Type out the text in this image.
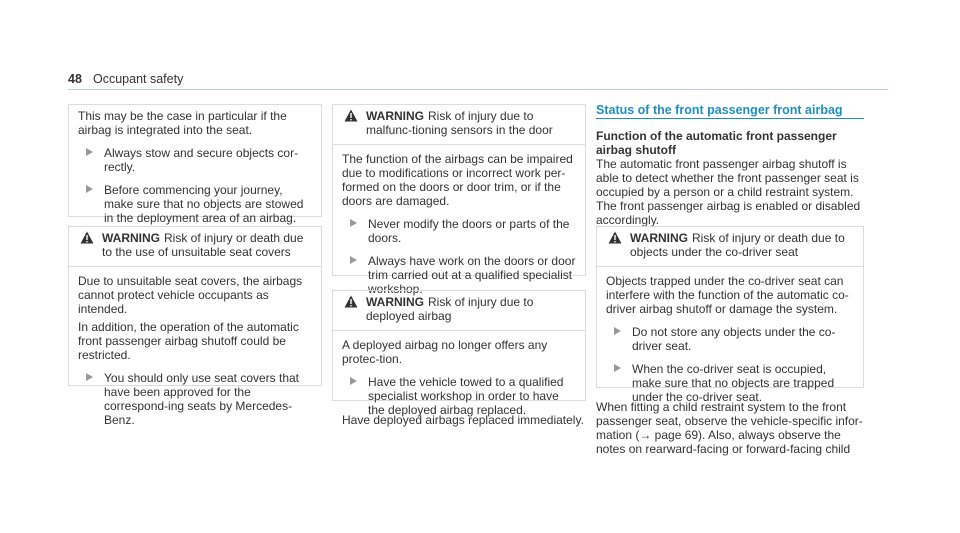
48 Occupant safety

This may be the case in particular if the airbag is integrated into the seat.

Always stow and secure objects cor-rectly.
Before commencing your journey, make sure that no objects are stowed in the deployment area of an airbag.
WARNING Risk of injury or death due to the use of unsuitable seat covers

Due to unsuitable seat covers, the airbags cannot protect vehicle occupants as intended.

In addition, the operation of the automatic front passenger airbag shutoff could be restricted.

You should only use seat covers that have been approved for the correspond-ing seats by Mercedes-Benz.
WARNING Risk of injury due to malfunc-tioning sensors in the door

The function of the airbags can be impaired due to modifications or incorrect work per-formed on the doors or door trim, or if the doors are damaged.

Never modify the doors or parts of the doors.
Always have work on the doors or door trim carried out at a qualified specialist workshop.
WARNING Risk of injury due to deployed airbag

A deployed airbag no longer offers any protec-tion.

Have the vehicle towed to a qualified specialist workshop in order to have the deployed airbag replaced.
Have deployed airbags replaced immediately.
Status of the front passenger front airbag
Function of the automatic front passenger airbag shutoff

The automatic front passenger airbag shutoff is able to detect whether the front passenger seat is occupied by a person or a child restraint system. The front passenger airbag is enabled or disabled accordingly.

WARNING Risk of injury or death due to objects under the co-driver seat

Objects trapped under the co-driver seat can interfere with the function of the automatic co-driver airbag shutoff or damage the system.

Do not store any objects under the co-driver seat.
When the co-driver seat is occupied, make sure that no objects are trapped under the co-driver seat.
When fitting a child restraint system to the front passenger seat, observe the vehicle-specific infor-mation (→ page 69). Also, always observe the notes on rearward-facing or forward-facing child
